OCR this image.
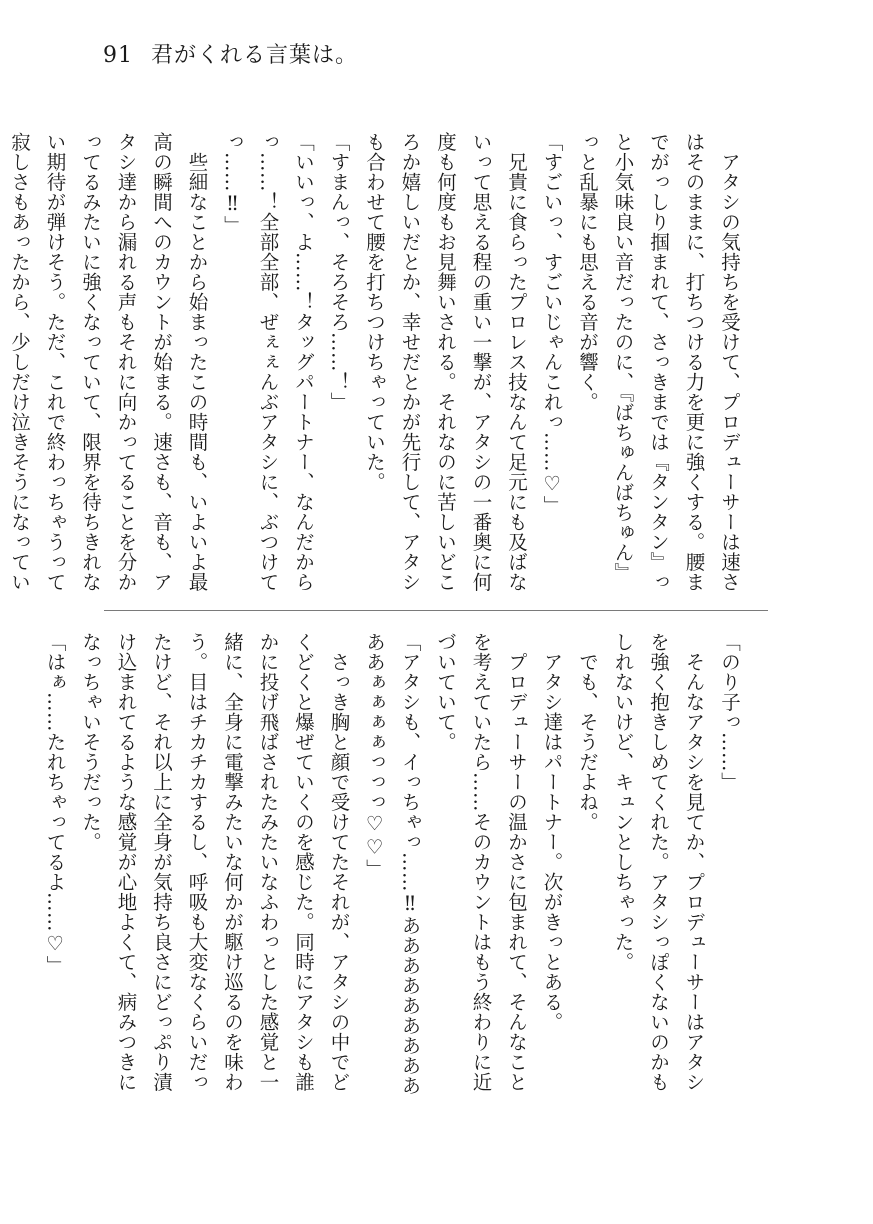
91 君がくれる言葉は。

アタシの気持ちを受けて、プロデューサーは速さはそのままに、打ちつける力を更に強くする。腰までがっしり掴まれて、さっきまでは『タンタン』っと小気味良い音だったのに、『ばちゅんばちゅん』っと乱暴にも思える音が響く。

「すごいっ、すごいじゃんこれっ……♡」

兄貴に食らったプロレス技なんて足元にも及ばないって思える程の重い一撃が、アタシの一番奥に何度も何度もお見舞いされる。それなのに苦しいどころか嬉しいだとか、幸せだとかが先行して、アタシも合わせて腰を打ちつけちゃっていた。

「すまんっ、そろそろ……！」

「いいっ、よ……！タッグパートナー、なんだからっ……！全部全部、ぜぇぇんぶアタシに、ぶつけてっ……‼」

些細なことから始まったこの時間も、いよいよ最高の瞬間へのカウントが始まる。速さも、音も、アタシ達から漏れる声もそれに向かってることを分かってるみたいに強くなっていて、限界を待ちきれない期待が弾けそう。ただ、これで終わっちゃうって寂しさもあったから、少しだけ泣きそうになってい

「のり子っ……」

そんなアタシを見てか、プロデューサーはアタシを強く抱きしめてくれた。アタシっぽくないのかもしれないけど、キュンとしちゃった。

でも、そうだよね。

アタシ達はパートナー。次がきっとある。

プロデューサーの温かさに包まれて、そんなことを考えていたら……そのカウントはもう終わりに近づいていて。

「アタシも、イっちゃっ……‼あああああああああああぁぁぁぁっっっ♡♡」

さっき胸と顔で受けてたそれが、アタシの中でどくどくと爆ぜていくのを感じた。同時にアタシも誰かに投げ飛ばされたみたいなふわっとした感覚と一緒に、全身に電撃みたいな何かが駆け巡るのを味わう。目はチカチカするし、呼吸も大変なくらいだったけど、それ以上に全身が気持ち良さにどっぷり漬け込まれてるような感覚が心地よくて、病みつきになっちゃいそうだった。

「はぁ……たれちゃってるよ……♡」
